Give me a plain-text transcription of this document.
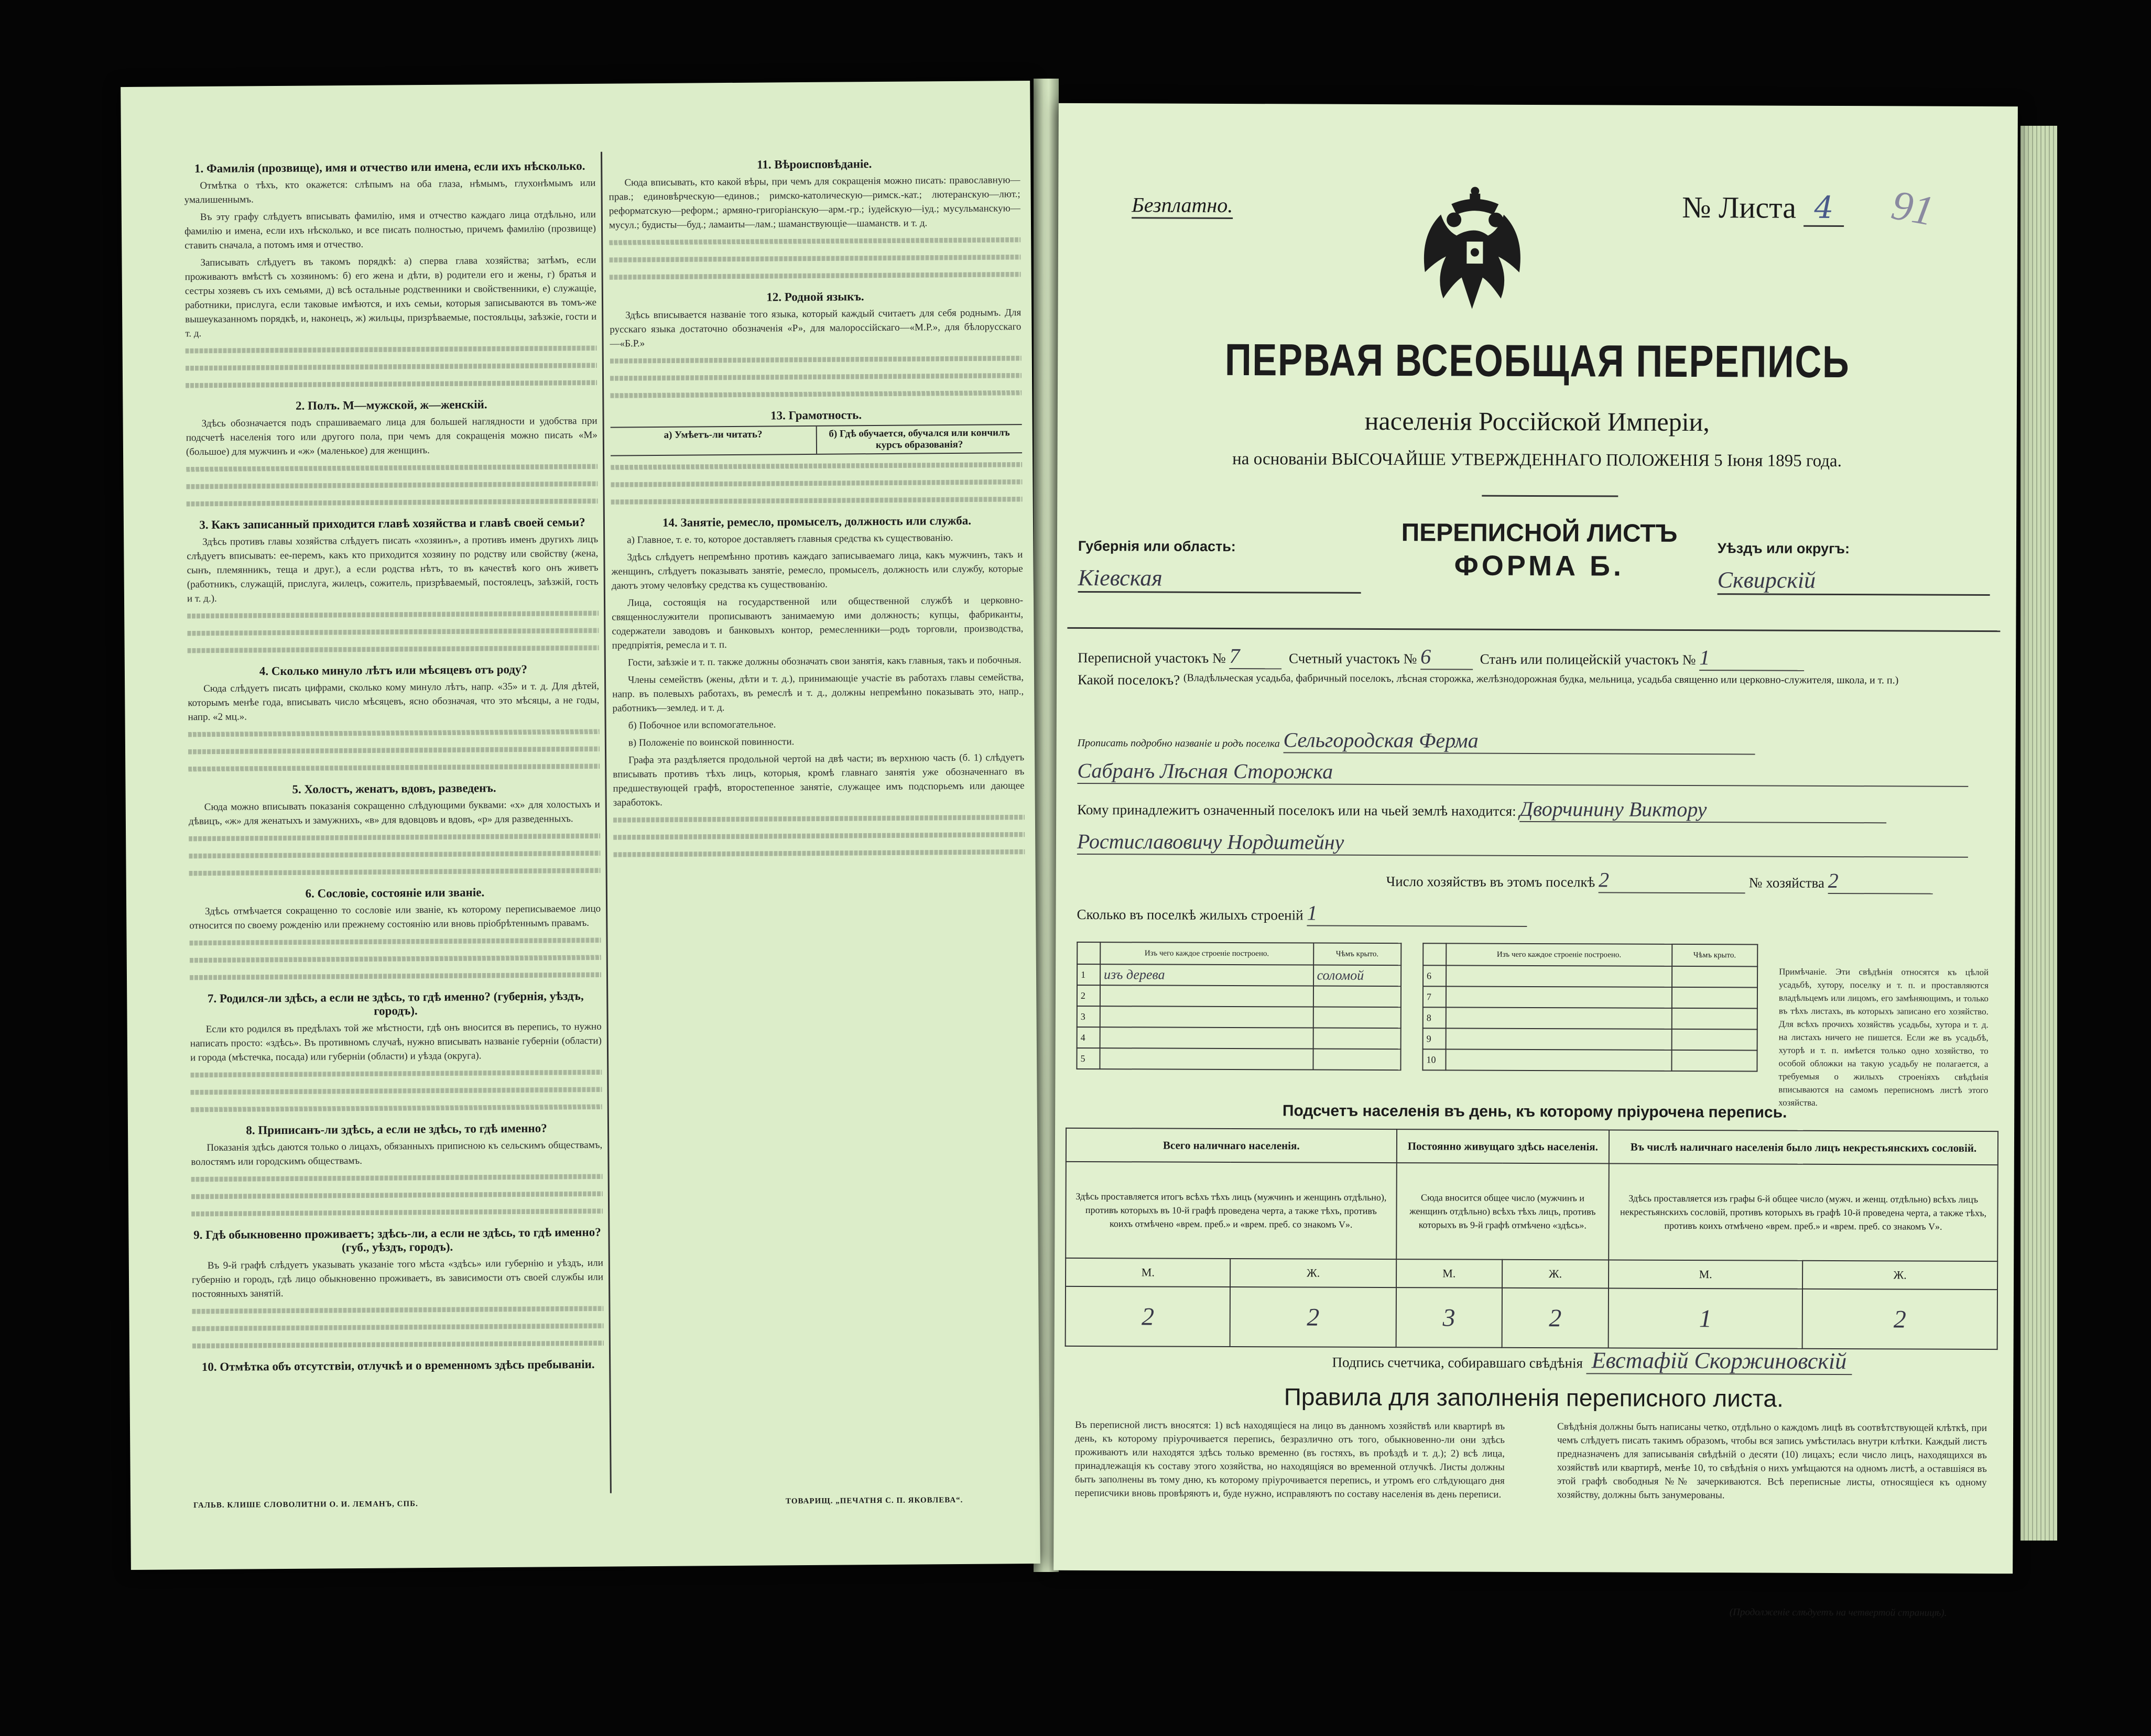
1. Фамилія (прозвище), имя и отчество или имена, если ихъ нѣсколько.

Отмѣтка о тѣхъ, кто окажется: слѣпымъ на оба глаза, нѣмымъ, глухонѣмымъ или умалишеннымъ.

Въ эту графу слѣдуетъ вписывать фамилію, имя и отчество каждаго лица отдѣльно, или фамилію и имена, если ихъ нѣсколько, и все писать полностью, причемъ фамилію (прозвище) ставить сначала, а потомъ имя и отчество.

Записывать слѣдуетъ въ такомъ порядкѣ: а) сперва глава хозяйства; затѣмъ, если проживаютъ вмѣстѣ съ хозяиномъ: б) его жена и дѣти, в) родители его и жены, г) братья и сестры хозяевъ съ ихъ семьями, д) всѣ остальные родственники и свойственники, е) служащіе, работники, прислуга, если таковые имѣются, и ихъ семьи, которыя записываются въ томъ-же вышеуказанномъ порядкѣ, и, наконецъ, ж) жильцы, призрѣваемые, постояльцы, заѣзжіе, гости и т. д.

2. Полъ. М—мужской, ж—женскій.

Здѣсь обозначается подъ спрашиваемаго лица для большей наглядности и удобства при подсчетѣ населенія того или другого пола, при чемъ для сокращенія можно писать «М» (большое) для мужчинъ и «ж» (маленькое) для женщинъ.

3. Какъ записанный приходится главѣ хозяйства и главѣ своей семьи?

Здѣсь противъ главы хозяйства слѣдуетъ писать «хозяинъ», а противъ именъ другихъ лицъ слѣдуетъ вписывать: ее-перемъ, какъ кто приходится хозяину по родству или свойству (жена, сынъ, племянникъ, теща и друг.), а если родства нѣтъ, то въ качествѣ кого онъ живетъ (работникъ, служащій, прислуга, жилецъ, сожитель, призрѣваемый, постоялецъ, заѣзжій, гость и т. д.).

4. Сколько минуло лѣтъ или мѣсяцевъ отъ роду?

Сюда слѣдуетъ писать цифрами, сколько кому минуло лѣтъ, напр. «35» и т. д. Для дѣтей, которымъ менѣе года, вписывать число мѣсяцевъ, ясно обозначая, что это мѣсяцы, а не годы, напр. «2 мц.».

5. Холостъ, женатъ, вдовъ, разведенъ.

Сюда можно вписывать показанія сокращенно слѣдующими буквами: «х» для холостыхъ и дѣвицъ, «ж» для женатыхъ и замужнихъ, «в» для вдовцовъ и вдовъ, «р» для разведенныхъ.

6. Сословіе, состояніе или званіе.

Здѣсь отмѣчается сокращенно то сословіе или званіе, къ которому переписываемое лицо относится по своему рожденію или прежнему состоянію или вновь пріобрѣтеннымъ правамъ.

7. Родился-ли здѣсь, а если не здѣсь, то гдѣ именно? (губернія, уѣздъ, городъ).

Если кто родился въ предѣлахъ той же мѣстности, гдѣ онъ вносится въ перепись, то нужно написать просто: «здѣсь». Въ противномъ случаѣ, нужно вписывать названіе губерніи (области) и города (мѣстечка, посада) или губерніи (области) и уѣзда (округа).

8. Приписанъ-ли здѣсь, а если не здѣсь, то гдѣ именно?

Показанія здѣсь даются только о лицахъ, обязанныхъ приписною къ сельскимъ обществамъ, волостямъ или городскимъ обществамъ.

9. Гдѣ обыкновенно проживаетъ; здѣсь-ли, а если не здѣсь, то гдѣ именно? (губ., уѣздъ, городъ).

Въ 9-й графѣ слѣдуетъ указывать указаніе того мѣста «здѣсь» или губернію и уѣздъ, или губернію и городъ, гдѣ лицо обыкновенно проживаетъ, въ зависимости отъ своей службы или постоянныхъ занятій.

10. Отмѣтка объ отсутствіи, отлучкѣ и о временномъ здѣсь пребываніи.
11. Вѣроисповѣданіе.

Сюда вписывать, кто какой вѣры, при чемъ для сокращенія можно писать: православную—прав.; единовѣрческую—единов.; римско-католическую—римск.-кат.; лютеранскую—лют.; реформатскую—реформ.; армяно-григоріанскую—арм.-гр.; іудейскую—іуд.; мусульманскую—мусул.; будисты—буд.; ламаиты—лам.; шаманствующіе—шаманств. и т. д.

12. Родной языкъ.

Здѣсь вписывается названіе того языка, который каждый считаетъ для себя роднымъ. Для русскаго языка достаточно обозначенія «Р», для малороссійскаго—«М.Р.», для бѣлорусскаго—«Б.Р.»

13. Грамотность.
а) Умѣетъ-ли читать?	б) Гдѣ обучается, обучался или кончилъ курсъ образованія?
14. Занятіе, ремесло, промыселъ, должность или служба.

а) Главное, т. е. то, которое доставляетъ главныя средства къ существованію.

Здѣсь слѣдуетъ непремѣнно противъ каждаго записываемаго лица, какъ мужчинъ, такъ и женщинъ, слѣдуетъ показывать занятіе, ремесло, промыселъ, должность или службу, которые даютъ этому человѣку средства къ существованію.

Лица, состоящія на государственной или общественной службѣ и церковно-священнослужители прописываютъ занимаемую ими должность; купцы, фабриканты, содержатели заводовъ и банковыхъ контор, ремесленники—родъ торговли, производства, предпріятія, ремесла и т. п.

Гости, заѣзжіе и т. п. также должны обозначать свои занятія, какъ главныя, такъ и побочныя.

Члены семействъ (жены, дѣти и т. д.), принимающіе участіе въ работахъ главы семейства, напр. въ полевыхъ работахъ, въ ремеслѣ и т. д., должны непремѣнно показывать это, напр., работникъ—землед. и т. д.

б) Побочное или вспомогательное.

в) Положеніе по воинской повинности.

Графа эта раздѣляется продольной чертой на двѣ части; въ верхнюю часть (б. 1) слѣдуетъ вписывать противъ тѣхъ лицъ, которыя, кромѣ главнаго занятія уже обозначеннаго въ предшествующей графѣ, второстепенное занятіе, служащее имъ подспорьемъ или дающее заработокъ.

ГАЛЬВ. КЛИШЕ СЛОВОЛИТНИ О. И. ЛЕМАНЪ, СПБ.	ТОВАРИЩ. „ПЕЧАТНЯ С. П. ЯКОВЛЕВА“.
Безплатно.	№ Листа 4 91
ПЕРВАЯ ВСЕОБЩАЯ ПЕРЕПИСЬ
населенія Россійской Имперіи,
на основаніи ВЫСОЧАЙШЕ УТВЕРЖДЕННАГО ПОЛОЖЕНІЯ 5 Іюня 1895 года.
Губернія или область:
Кіевская
ПЕРЕПИСНОЙ ЛИСТЪ
ФОРМА Б.
Уѣздъ или округъ:
Сквирскій
Переписной участокъ № 7	Счетный участокъ № 6	Станъ или полицейскій участокъ № 1
Какой поселокъ? (Владѣльческая усадьба, фабричный поселокъ, лѣсная сторожка, желѣзнодорожная будка, мельница, усадьба священно или церковно-служителя, школа, и т. п.)
Прописать подробно названіе и родъ поселка Сельгородская Ферма
Сабранъ Лѣсная Сторожка
Кому принадлежитъ означенный поселокъ или на чьей землѣ находится: Дворчинину Виктору
Ростиславовичу Нордштейну
Число хозяйствъ въ этомъ поселкѣ 2	№ хозяйства 2
Сколько въ поселкѣ жилыхъ строеній 1
	Изъ чего каждое строеніе построено.	Чѣмъ крыто.
1	изъ дерева	соломой
2		
3		
4		
5		
	Изъ чего каждое строеніе построено.	Чѣмъ крыто.
6		
7		
8		
9		
10		
Примѣчаніе. Эти свѣдѣнія относятся къ цѣлой усадьбѣ, хутору, поселку и т. п. и проставляются владѣльцемъ или лицомъ, его замѣняющимъ, и только въ тѣхъ листахъ, въ которыхъ записано его хозяйство. Для всѣхъ прочихъ хозяйствъ усадьбы, хутора и т. д. на листахъ ничего не пишется. Если же въ усадьбѣ, хуторѣ и т. п. имѣется только одно хозяйство, то особой обложки на такую усадьбу не полагается, а требуемыя о жилыхъ строеніяхъ свѣдѣнія вписываются на самомъ переписномъ листѣ этого хозяйства.
Подсчетъ населенія въ день, къ которому пріурочена перепись.
Всего наличнаго населенія.		Постоянно живущаго здѣсь населенія.		Въ числѣ наличнаго населенія было лицъ некрестьянскихъ сословій.	
Здѣсь проставляется итогъ всѣхъ тѣхъ лицъ (мужчинъ и женщинъ отдѣльно), противъ которыхъ въ 10-й графѣ проведена черта, а также тѣхъ, противъ коихъ отмѣчено «врем. преб.» и «врем. преб. со знакомъ V».		Сюда вносится общее число (мужчинъ и женщинъ отдѣльно) всѣхъ тѣхъ лицъ, противъ которыхъ въ 9-й графѣ отмѣчено «здѣсь».		Здѣсь проставляется изъ графы 6-й общее число (мужч. и женщ. отдѣльно) всѣхъ лицъ некрестьянскихъ сословій, противъ которыхъ въ графѣ 10-й проведена черта, а также тѣхъ, противъ коихъ отмѣчено «врем. преб.» и «врем. преб. со знакомъ V».	
М.	Ж.	М.	Ж.	М.	Ж.
2	2	3	2	1	2
Подпись счетчика, собиравшаго свѣдѣнія Евстафій Скоржиновскій
Правила для заполненія переписного листа.
Въ переписной листъ вносятся: 1) всѣ находящіеся на лицо въ данномъ хозяйствѣ или квартирѣ въ день, къ которому пріурочивается перепись, безразлично отъ того, обыкновенно-ли они здѣсь проживаютъ или находятся здѣсь только временно (въ гостяхъ, въ проѣздѣ и т. д.); 2) всѣ лица, принадлежащія къ составу этого хозяйства, но находящіяся во временной отлучкѣ. Листы должны быть заполнены въ тому дню, къ которому пріурочивается перепись, и утромъ его слѣдующаго дня переписчики вновь провѣряютъ и, буде нужно, исправляютъ по составу населенія въ день переписи.
Свѣдѣнія должны быть написаны четко, отдѣльно о каждомъ лицѣ въ соотвѣтствующей клѣткѣ, при чемъ слѣдуетъ писать такимъ образомъ, чтобы вся запись умѣстилась внутри клѣтки. Каждый листъ предназначенъ для записыванія свѣдѣній о десяти (10) лицахъ; если число лицъ, находящихся въ хозяйствѣ или квартирѣ, менѣе 10, то свѣдѣнія о нихъ умѣщаются на одномъ листѣ, а оставшіяся въ этой графѣ свободныя №№ зачеркиваются. Всѣ переписные листы, относящіеся къ одному хозяйству, должны быть занумерованы.
(Продолженіе слѣдуетъ на четвертой страницѣ).
